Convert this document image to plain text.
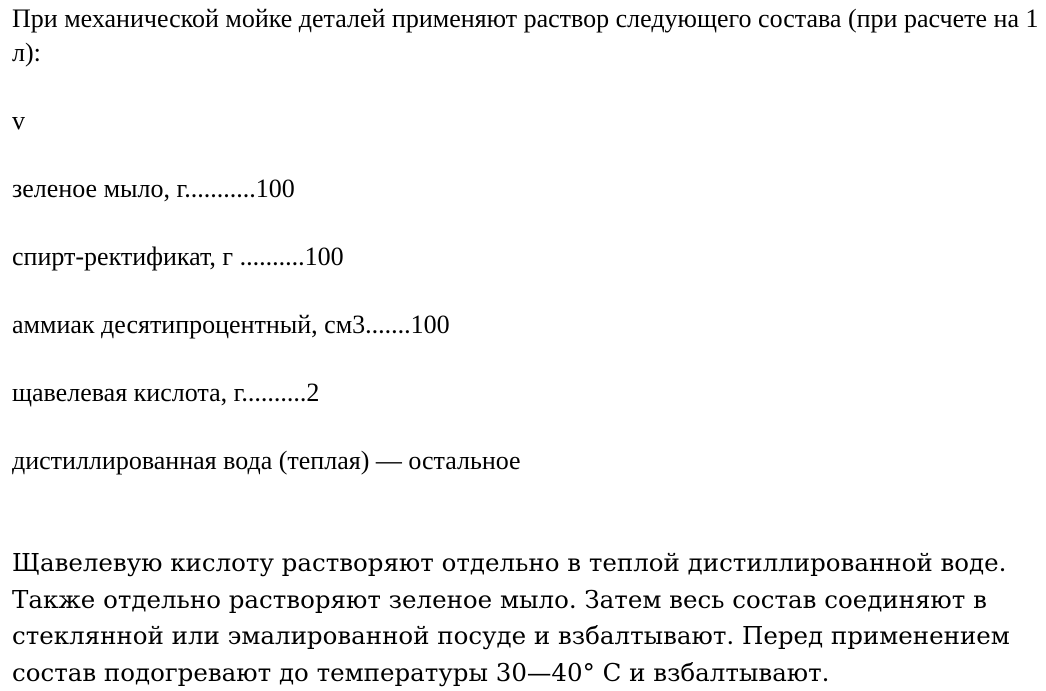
При механической мойке деталей применяют раствор следующего состава (при расчете на 1 л):

v

зеленое мыло, г...........100

спирт-ректификат, г ..........100

аммиак десятипроцентный, см3.......100

щавелевая кислота, г..........2

дистиллированная вода (теплая) — остальное

Щавелевую кислоту растворяют отдельно в теплой дистиллированной воде. Также отдельно растворяют зеленое мыло. Затем весь состав соединяют в стеклянной или эмалированной посуде и взбалтывают. Перед применением состав подогревают до температуры 30—40° С и взбалтывают.
